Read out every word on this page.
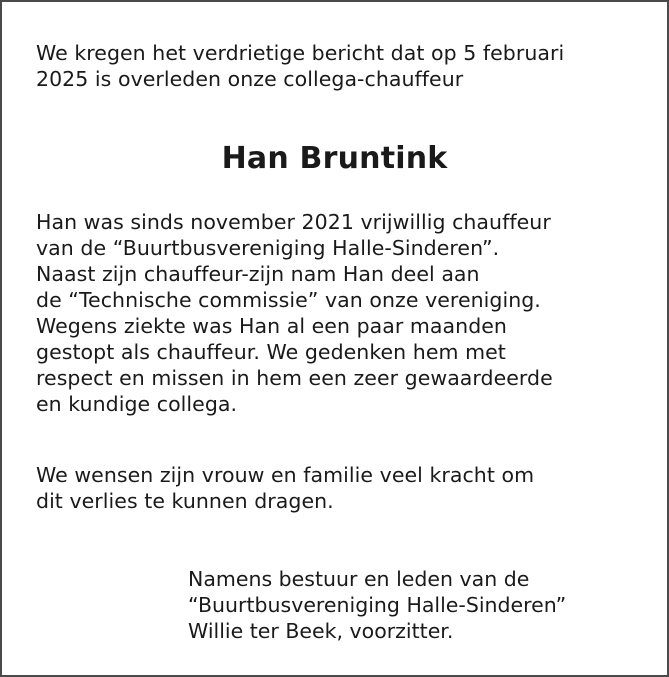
We kregen het verdrietige bericht dat op 5 februari
2025 is overleden onze collega-chauffeur

Han Bruntink

Han was sinds november 2021 vrijwillig chauffeur
van de “Buurtbusvereniging Halle-Sinderen”.
Naast zijn chauffeur-zijn nam Han deel aan
de “Technische commissie” van onze vereniging.
Wegens ziekte was Han al een paar maanden
gestopt als chauffeur. We gedenken hem met
respect en missen in hem een zeer gewaardeerde
en kundige collega.

We wensen zijn vrouw en familie veel kracht om
dit verlies te kunnen dragen.

Namens bestuur en leden van de
“Buurtbusvereniging Halle-Sinderen”
Willie ter Beek, voorzitter.
